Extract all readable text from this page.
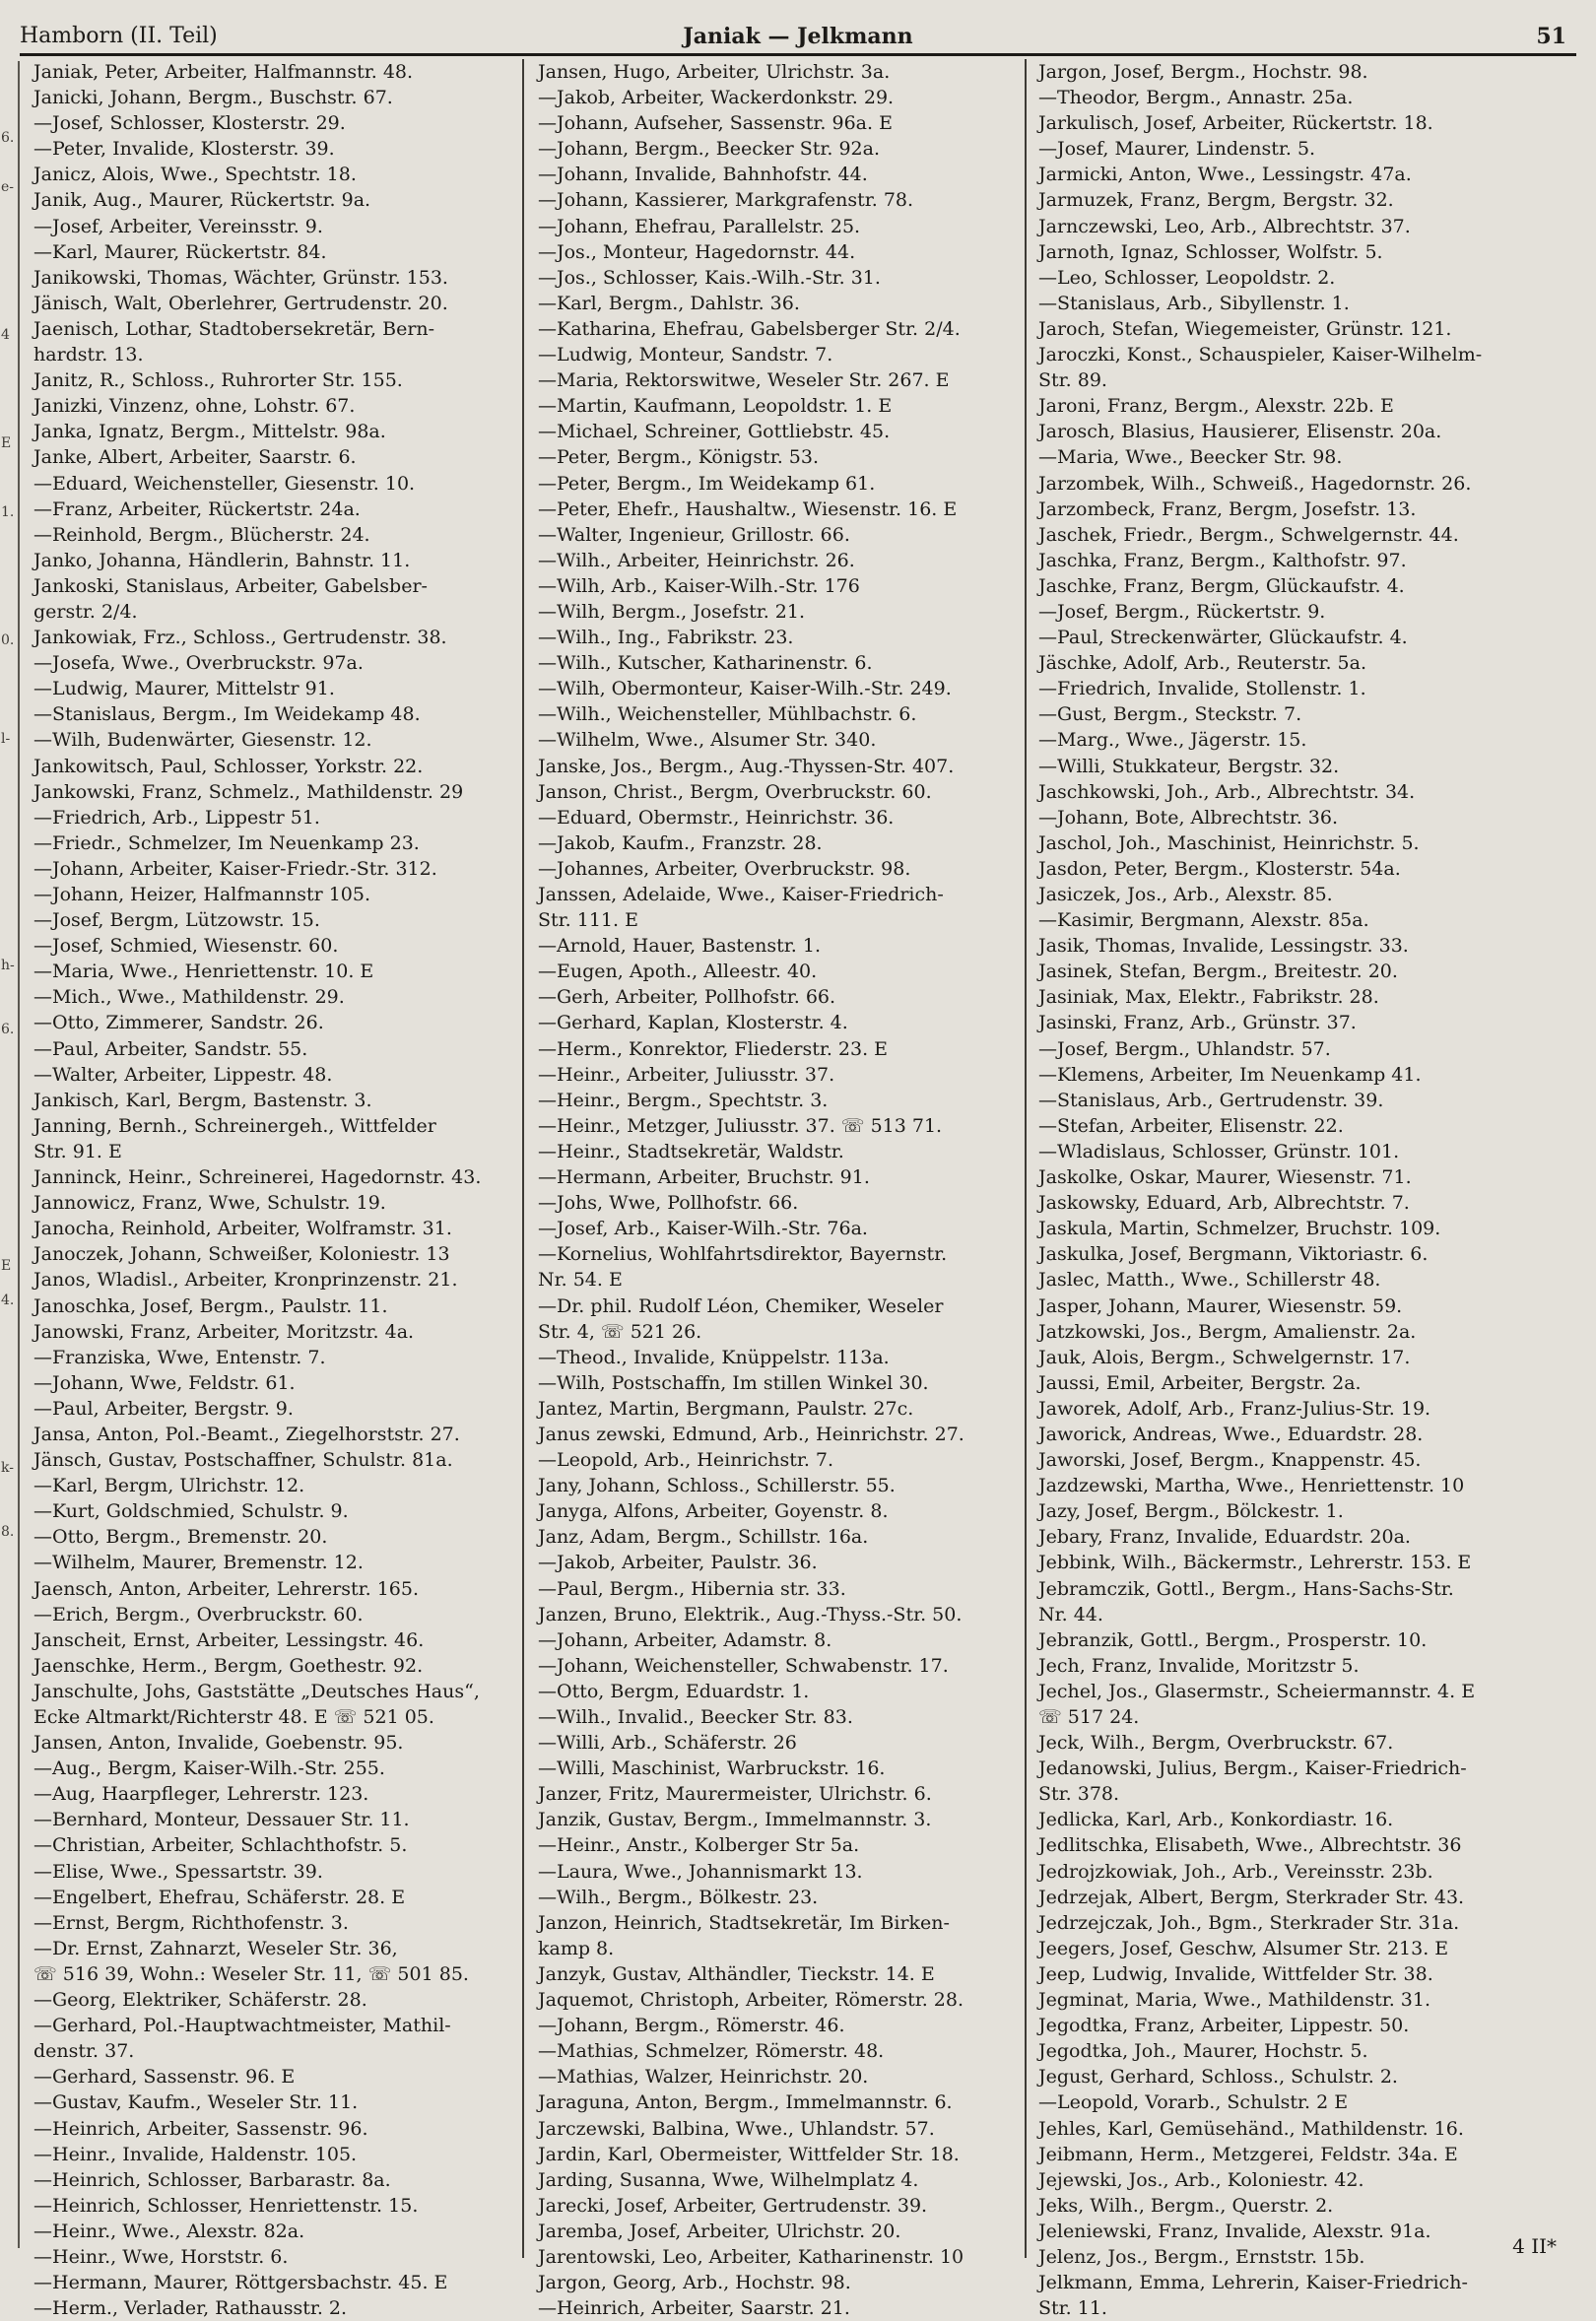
Hamborn (II. Teil)	Janiak — Jelkmann	51
6.
e-
4
E
1.
0.
l-
h-
6.
E
4.
k-
8.
Janiak, Peter, Arbeiter, Halfmannstr. 48.
Janicki, Johann, Bergm., Buschstr. 67.
—Josef, Schlosser, Klosterstr. 29.
—Peter, Invalide, Klosterstr. 39.
Janicz, Alois, Wwe., Spechtstr. 18.
Janik, Aug., Maurer, Rückertstr. 9a.
—Josef, Arbeiter, Vereinsstr. 9.
—Karl, Maurer, Rückertstr. 84.
Janikowski, Thomas, Wächter, Grünstr. 153.
Jänisch, Walt, Oberlehrer, Gertrudenstr. 20.
Jaenisch, Lothar, Stadtobersekretär, Bern-
hardstr. 13.
Janitz, R., Schloss., Ruhrorter Str. 155.
Janizki, Vinzenz, ohne, Lohstr. 67.
Janka, Ignatz, Bergm., Mittelstr. 98a.
Janke, Albert, Arbeiter, Saarstr. 6.
—Eduard, Weichensteller, Giesenstr. 10.
—Franz, Arbeiter, Rückertstr. 24a.
—Reinhold, Bergm., Blücherstr. 24.
Janko, Johanna, Händlerin, Bahnstr. 11.
Jankoski, Stanislaus, Arbeiter, Gabelsber-
gerstr. 2/4.
Jankowiak, Frz., Schloss., Gertrudenstr. 38.
—Josefa, Wwe., Overbruckstr. 97a.
—Ludwig, Maurer, Mittelstr 91.
—Stanislaus, Bergm., Im Weidekamp 48.
—Wilh, Budenwärter, Giesenstr. 12.
Jankowitsch, Paul, Schlosser, Yorkstr. 22.
Jankowski, Franz, Schmelz., Mathildenstr. 29
—Friedrich, Arb., Lippestr 51.
—Friedr., Schmelzer, Im Neuenkamp 23.
—Johann, Arbeiter, Kaiser-Friedr.-Str. 312.
—Johann, Heizer, Halfmannstr 105.
—Josef, Bergm, Lützowstr. 15.
—Josef, Schmied, Wiesenstr. 60.
—Maria, Wwe., Henriettenstr. 10. E
—Mich., Wwe., Mathildenstr. 29.
—Otto, Zimmerer, Sandstr. 26.
—Paul, Arbeiter, Sandstr. 55.
—Walter, Arbeiter, Lippestr. 48.
Jankisch, Karl, Bergm, Bastenstr. 3.
Janning, Bernh., Schreinergeh., Wittfelder
Str. 91. E
Janninck, Heinr., Schreinerei, Hagedornstr. 43.
Jannowicz, Franz, Wwe, Schulstr. 19.
Janocha, Reinhold, Arbeiter, Wolframstr. 31.
Janoczek, Johann, Schweißer, Koloniestr. 13
Janos, Wladisl., Arbeiter, Kronprinzenstr. 21.
Janoschka, Josef, Bergm., Paulstr. 11.
Janowski, Franz, Arbeiter, Moritzstr. 4a.
—Franziska, Wwe, Entenstr. 7.
—Johann, Wwe, Feldstr. 61.
—Paul, Arbeiter, Bergstr. 9.
Jansa, Anton, Pol.-Beamt., Ziegelhorststr. 27.
Jänsch, Gustav, Postschaffner, Schulstr. 81a.
—Karl, Bergm, Ulrichstr. 12.
—Kurt, Goldschmied, Schulstr. 9.
—Otto, Bergm., Bremenstr. 20.
—Wilhelm, Maurer, Bremenstr. 12.
Jaensch, Anton, Arbeiter, Lehrerstr. 165.
—Erich, Bergm., Overbruckstr. 60.
Janscheit, Ernst, Arbeiter, Lessingstr. 46.
Jaenschke, Herm., Bergm, Goethestr. 92.
Janschulte, Johs, Gaststätte „Deutsches Haus“,
Ecke Altmarkt/Richterstr 48. E ☏ 521 05.
Jansen, Anton, Invalide, Goebenstr. 95.
—Aug., Bergm, Kaiser-Wilh.-Str. 255.
—Aug, Haarpfleger, Lehrerstr. 123.
—Bernhard, Monteur, Dessauer Str. 11.
—Christian, Arbeiter, Schlachthofstr. 5.
—Elise, Wwe., Spessartstr. 39.
—Engelbert, Ehefrau, Schäferstr. 28. E
—Ernst, Bergm, Richthofenstr. 3.
—Dr. Ernst, Zahnarzt, Weseler Str. 36,
☏ 516 39, Wohn.: Weseler Str. 11, ☏ 501 85.
—Georg, Elektriker, Schäferstr. 28.
—Gerhard, Pol.-Hauptwachtmeister, Mathil-
denstr. 37.
—Gerhard, Sassenstr. 96. E
—Gustav, Kaufm., Weseler Str. 11.
—Heinrich, Arbeiter, Sassenstr. 96.
—Heinr., Invalide, Haldenstr. 105.
—Heinrich, Schlosser, Barbarastr. 8a.
—Heinrich, Schlosser, Henriettenstr. 15.
—Heinr., Wwe., Alexstr. 82a.
—Heinr., Wwe, Horststr. 6.
—Hermann, Maurer, Röttgersbachstr. 45. E
—Herm., Verlader, Rathausstr. 2.
Jansen, Hugo, Arbeiter, Ulrichstr. 3a.
—Jakob, Arbeiter, Wackerdonkstr. 29.
—Johann, Aufseher, Sassenstr. 96a. E
—Johann, Bergm., Beecker Str. 92a.
—Johann, Invalide, Bahnhofstr. 44.
—Johann, Kassierer, Markgrafenstr. 78.
—Johann, Ehefrau, Parallelstr. 25.
—Jos., Monteur, Hagedornstr. 44.
—Jos., Schlosser, Kais.-Wilh.-Str. 31.
—Karl, Bergm., Dahlstr. 36.
—Katharina, Ehefrau, Gabelsberger Str. 2/4.
—Ludwig, Monteur, Sandstr. 7.
—Maria, Rektorswitwe, Weseler Str. 267. E
—Martin, Kaufmann, Leopoldstr. 1. E
—Michael, Schreiner, Gottliebstr. 45.
—Peter, Bergm., Königstr. 53.
—Peter, Bergm., Im Weidekamp 61.
—Peter, Ehefr., Haushaltw., Wiesenstr. 16. E
—Walter, Ingenieur, Grillostr. 66.
—Wilh., Arbeiter, Heinrichstr. 26.
—Wilh, Arb., Kaiser-Wilh.-Str. 176
—Wilh, Bergm., Josefstr. 21.
—Wilh., Ing., Fabrikstr. 23.
—Wilh., Kutscher, Katharinenstr. 6.
—Wilh, Obermonteur, Kaiser-Wilh.-Str. 249.
—Wilh., Weichensteller, Mühlbachstr. 6.
—Wilhelm, Wwe., Alsumer Str. 340.
Janske, Jos., Bergm., Aug.-Thyssen-Str. 407.
Janson, Christ., Bergm, Overbruckstr. 60.
—Eduard, Obermstr., Heinrichstr. 36.
—Jakob, Kaufm., Franzstr. 28.
—Johannes, Arbeiter, Overbruckstr. 98.
Janssen, Adelaide, Wwe., Kaiser-Friedrich-
Str. 111. E
—Arnold, Hauer, Bastenstr. 1.
—Eugen, Apoth., Alleestr. 40.
—Gerh, Arbeiter, Pollhofstr. 66.
—Gerhard, Kaplan, Klosterstr. 4.
—Herm., Konrektor, Fliederstr. 23. E
—Heinr., Arbeiter, Juliusstr. 37.
—Heinr., Bergm., Spechtstr. 3.
—Heinr., Metzger, Juliusstr. 37. ☏ 513 71.
—Heinr., Stadtsekretär, Waldstr.
—Hermann, Arbeiter, Bruchstr. 91.
—Johs, Wwe, Pollhofstr. 66.
—Josef, Arb., Kaiser-Wilh.-Str. 76a.
—Kornelius, Wohlfahrtsdirektor, Bayernstr.
Nr. 54. E
—Dr. phil. Rudolf Léon, Chemiker, Weseler
Str. 4, ☏ 521 26.
—Theod., Invalide, Knüppelstr. 113a.
—Wilh, Postschaffn, Im stillen Winkel 30.
Jantez, Martin, Bergmann, Paulstr. 27c.
Janus zewski, Edmund, Arb., Heinrichstr. 27.
—Leopold, Arb., Heinrichstr. 7.
Jany, Johann, Schloss., Schillerstr. 55.
Janyga, Alfons, Arbeiter, Goyenstr. 8.
Janz, Adam, Bergm., Schillstr. 16a.
—Jakob, Arbeiter, Paulstr. 36.
—Paul, Bergm., Hibernia str. 33.
Janzen, Bruno, Elektrik., Aug.-Thyss.-Str. 50.
—Johann, Arbeiter, Adamstr. 8.
—Johann, Weichensteller, Schwabenstr. 17.
—Otto, Bergm, Eduardstr. 1.
—Wilh., Invalid., Beecker Str. 83.
—Willi, Arb., Schäferstr. 26
—Willi, Maschinist, Warbruckstr. 16.
Janzer, Fritz, Maurermeister, Ulrichstr. 6.
Janzik, Gustav, Bergm., Immelmannstr. 3.
—Heinr., Anstr., Kolberger Str 5a.
—Laura, Wwe., Johannismarkt 13.
—Wilh., Bergm., Bölkestr. 23.
Janzon, Heinrich, Stadtsekretär, Im Birken-
kamp 8.
Janzyk, Gustav, Althändler, Tieckstr. 14. E
Jaquemot, Christoph, Arbeiter, Römerstr. 28.
—Johann, Bergm., Römerstr. 46.
—Mathias, Schmelzer, Römerstr. 48.
—Mathias, Walzer, Heinrichstr. 20.
Jaraguna, Anton, Bergm., Immelmannstr. 6.
Jarczewski, Balbina, Wwe., Uhlandstr. 57.
Jardin, Karl, Obermeister, Wittfelder Str. 18.
Jarding, Susanna, Wwe, Wilhelmplatz 4.
Jarecki, Josef, Arbeiter, Gertrudenstr. 39.
Jaremba, Josef, Arbeiter, Ulrichstr. 20.
Jarentowski, Leo, Arbeiter, Katharinenstr. 10
Jargon, Georg, Arb., Hochstr. 98.
—Heinrich, Arbeiter, Saarstr. 21.
Jargon, Josef, Bergm., Hochstr. 98.
—Theodor, Bergm., Annastr. 25a.
Jarkulisch, Josef, Arbeiter, Rückertstr. 18.
—Josef, Maurer, Lindenstr. 5.
Jarmicki, Anton, Wwe., Lessingstr. 47a.
Jarmuzek, Franz, Bergm, Bergstr. 32.
Jarnczewski, Leo, Arb., Albrechtstr. 37.
Jarnoth, Ignaz, Schlosser, Wolfstr. 5.
—Leo, Schlosser, Leopoldstr. 2.
—Stanislaus, Arb., Sibyllenstr. 1.
Jaroch, Stefan, Wiegemeister, Grünstr. 121.
Jaroczki, Konst., Schauspieler, Kaiser-Wilhelm-
Str. 89.
Jaroni, Franz, Bergm., Alexstr. 22b. E
Jarosch, Blasius, Hausierer, Elisenstr. 20a.
—Maria, Wwe., Beecker Str. 98.
Jarzombek, Wilh., Schweiß., Hagedornstr. 26.
Jarzombeck, Franz, Bergm, Josefstr. 13.
Jaschek, Friedr., Bergm., Schwelgernstr. 44.
Jaschka, Franz, Bergm., Kalthofstr. 97.
Jaschke, Franz, Bergm, Glückaufstr. 4.
—Josef, Bergm., Rückertstr. 9.
—Paul, Streckenwärter, Glückaufstr. 4.
Jäschke, Adolf, Arb., Reuterstr. 5a.
—Friedrich, Invalide, Stollenstr. 1.
—Gust, Bergm., Steckstr. 7.
—Marg., Wwe., Jägerstr. 15.
—Willi, Stukkateur, Bergstr. 32.
Jaschkowski, Joh., Arb., Albrechtstr. 34.
—Johann, Bote, Albrechtstr. 36.
Jaschol, Joh., Maschinist, Heinrichstr. 5.
Jasdon, Peter, Bergm., Klosterstr. 54a.
Jasiczek, Jos., Arb., Alexstr. 85.
—Kasimir, Bergmann, Alexstr. 85a.
Jasik, Thomas, Invalide, Lessingstr. 33.
Jasinek, Stefan, Bergm., Breitestr. 20.
Jasiniak, Max, Elektr., Fabrikstr. 28.
Jasinski, Franz, Arb., Grünstr. 37.
—Josef, Bergm., Uhlandstr. 57.
—Klemens, Arbeiter, Im Neuenkamp 41.
—Stanislaus, Arb., Gertrudenstr. 39.
—Stefan, Arbeiter, Elisenstr. 22.
—Wladislaus, Schlosser, Grünstr. 101.
Jaskolke, Oskar, Maurer, Wiesenstr. 71.
Jaskowsky, Eduard, Arb, Albrechtstr. 7.
Jaskula, Martin, Schmelzer, Bruchstr. 109.
Jaskulka, Josef, Bergmann, Viktoriastr. 6.
Jaslec, Matth., Wwe., Schillerstr 48.
Jasper, Johann, Maurer, Wiesenstr. 59.
Jatzkowski, Jos., Bergm, Amalienstr. 2a.
Jauk, Alois, Bergm., Schwelgernstr. 17.
Jaussi, Emil, Arbeiter, Bergstr. 2a.
Jaworek, Adolf, Arb., Franz-Julius-Str. 19.
Jaworick, Andreas, Wwe., Eduardstr. 28.
Jaworski, Josef, Bergm., Knappenstr. 45.
Jazdzewski, Martha, Wwe., Henriettenstr. 10
Jazy, Josef, Bergm., Bölckestr. 1.
Jebary, Franz, Invalide, Eduardstr. 20a.
Jebbink, Wilh., Bäckermstr., Lehrerstr. 153. E
Jebramczik, Gottl., Bergm., Hans-Sachs-Str.
Nr. 44.
Jebranzik, Gottl., Bergm., Prosperstr. 10.
Jech, Franz, Invalide, Moritzstr 5.
Jechel, Jos., Glasermstr., Scheiermannstr. 4. E
☏ 517 24.
Jeck, Wilh., Bergm, Overbruckstr. 67.
Jedanowski, Julius, Bergm., Kaiser-Friedrich-
Str. 378.
Jedlicka, Karl, Arb., Konkordiastr. 16.
Jedlitschka, Elisabeth, Wwe., Albrechtstr. 36
Jedrojzkowiak, Joh., Arb., Vereinsstr. 23b.
Jedrzejak, Albert, Bergm, Sterkrader Str. 43.
Jedrzejczak, Joh., Bgm., Sterkrader Str. 31a.
Jeegers, Josef, Geschw, Alsumer Str. 213. E
Jeep, Ludwig, Invalide, Wittfelder Str. 38.
Jegminat, Maria, Wwe., Mathildenstr. 31.
Jegodtka, Franz, Arbeiter, Lippestr. 50.
Jegodtka, Joh., Maurer, Hochstr. 5.
Jegust, Gerhard, Schloss., Schulstr. 2.
—Leopold, Vorarb., Schulstr. 2 E
Jehles, Karl, Gemüsehänd., Mathildenstr. 16.
Jeibmann, Herm., Metzgerei, Feldstr. 34a. E
Jejewski, Jos., Arb., Koloniestr. 42.
Jeks, Wilh., Bergm., Querstr. 2.
Jeleniewski, Franz, Invalide, Alexstr. 91a.
Jelenz, Jos., Bergm., Ernststr. 15b.
Jelkmann, Emma, Lehrerin, Kaiser-Friedrich-
Str. 11.
4 II*
